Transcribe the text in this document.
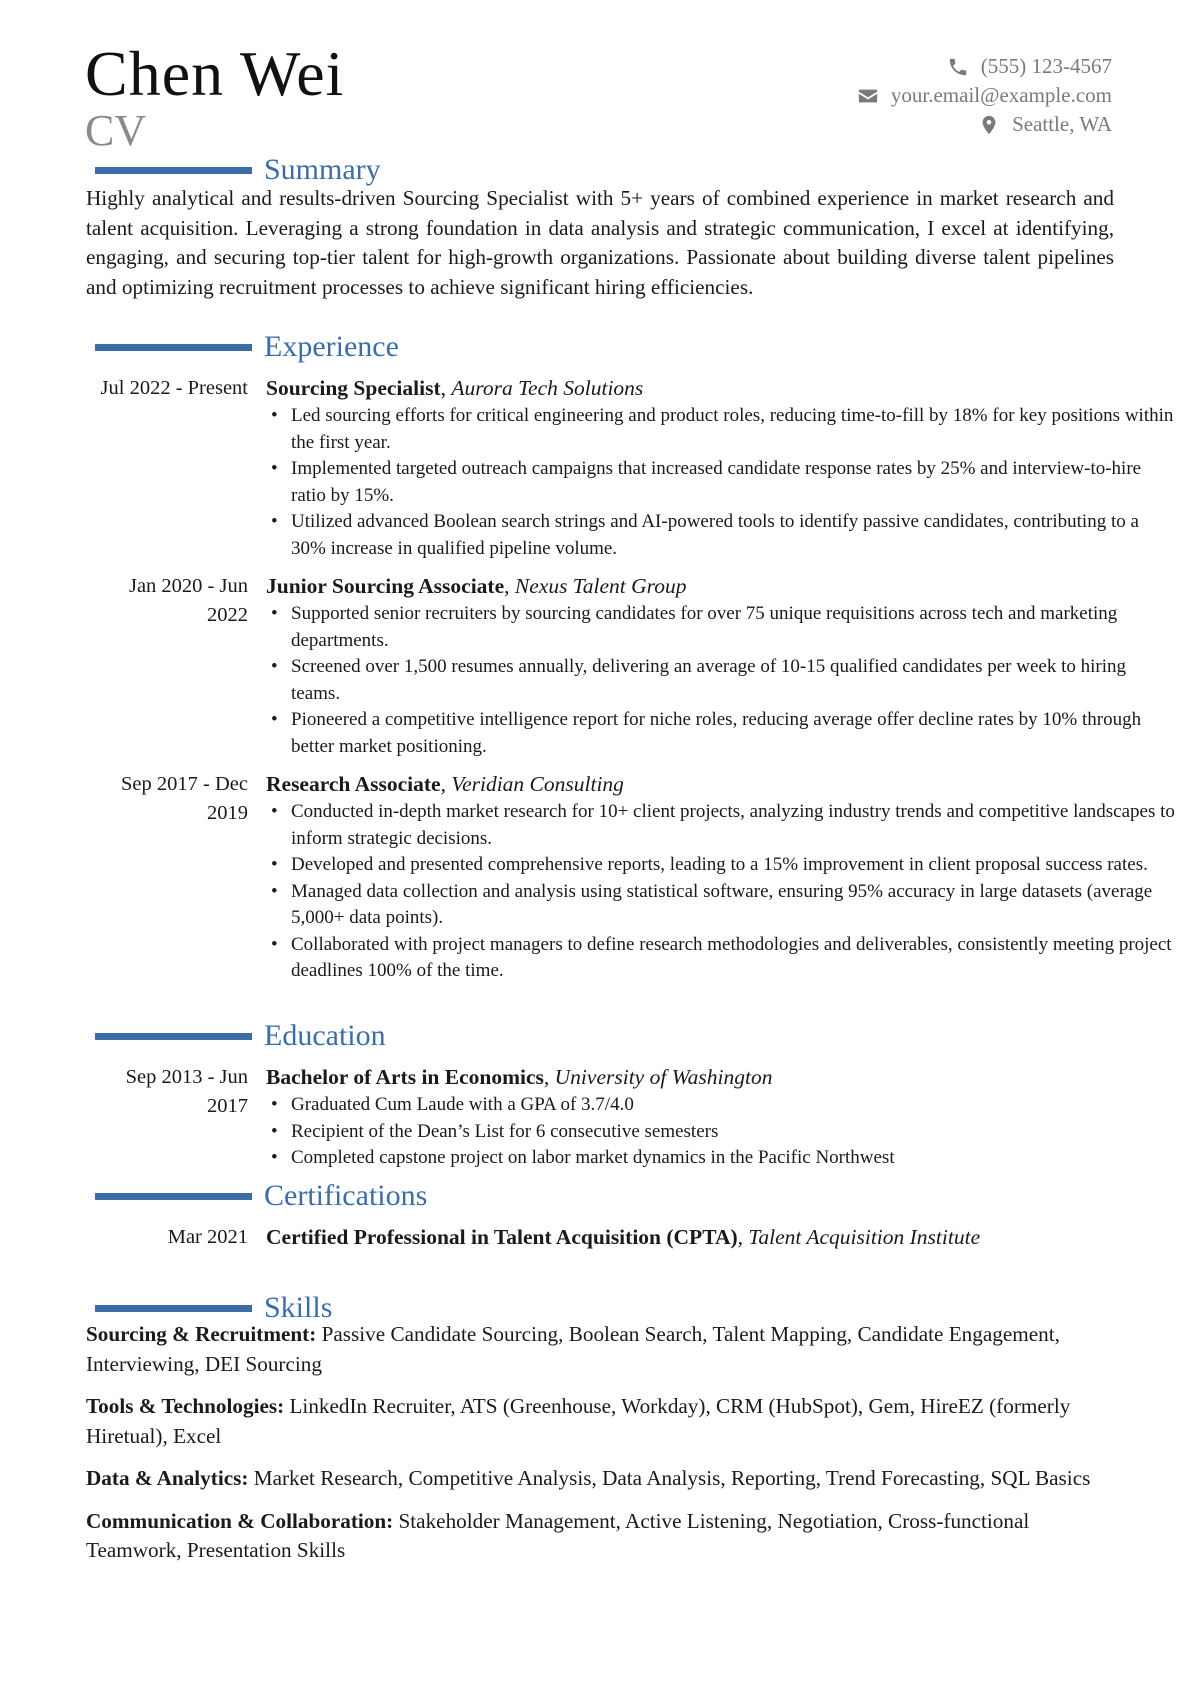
Chen Wei
CV
(555) 123-4567
your.email@example.com
Seattle, WA
Summary
Highly analytical and results-driven Sourcing Specialist with 5+ years of combined experience in market research and talent acquisition. Leveraging a strong foundation in data analysis and strategic communication, I excel at identifying, engaging, and securing top-tier talent for high-growth organizations. Passionate about building diverse talent pipelines and optimizing recruitment processes to achieve significant hiring efficiencies.
Experience
Jul 2022 - Present Sourcing Specialist, Aurora Tech Solutions
• Led sourcing efforts for critical engineering and product roles, reducing time-to-fill by 18% for key positions within the first year.
• Implemented targeted outreach campaigns that increased candidate response rates by 25% and interview-to-hire ratio by 15%.
• Utilized advanced Boolean search strings and AI-powered tools to identify passive candidates, contributing to a 30% increase in qualified pipeline volume.
Jan 2020 - Jun 2022
Junior Sourcing Associate, Nexus Talent Group
• Supported senior recruiters by sourcing candidates for over 75 unique requisitions across tech and marketing departments.
• Screened over 1,500 resumes annually, delivering an average of 10-15 qualified candidates per week to hiring teams.
• Pioneered a competitive intelligence report for niche roles, reducing average offer decline rates by 10% through better market positioning.
Sep 2017 - Dec 2019
Research Associate, Veridian Consulting
• Conducted in-depth market research for 10+ client projects, analyzing industry trends and competitive landscapes to inform strategic decisions.
• Developed and presented comprehensive reports, leading to a 15% improvement in client proposal success rates.
• Managed data collection and analysis using statistical software, ensuring 95% accuracy in large datasets (average 5,000+ data points).
• Collaborated with project managers to define research methodologies and deliverables, consistently meeting project deadlines 100% of the time.
Education
Sep 2013 - Jun 2017
Bachelor of Arts in Economics, University of Washington
• Graduated Cum Laude with a GPA of 3.7/4.0
• Recipient of the Dean’s List for 6 consecutive semesters
• Completed capstone project on labor market dynamics in the Pacific Northwest
Certifications
Mar 2021 Certified Professional in Talent Acquisition (CPTA), Talent Acquisition Institute
Skills
Sourcing & Recruitment: Passive Candidate Sourcing, Boolean Search, Talent Mapping, Candidate Engagement, Interviewing, DEI Sourcing
Tools & Technologies: LinkedIn Recruiter, ATS (Greenhouse, Workday), CRM (HubSpot), Gem, HireEZ (formerly Hiretual), Excel
Data & Analytics: Market Research, Competitive Analysis, Data Analysis, Reporting, Trend Forecasting, SQL Basics
Communication & Collaboration: Stakeholder Management, Active Listening, Negotiation, Cross-functional Teamwork, Presentation Skills
